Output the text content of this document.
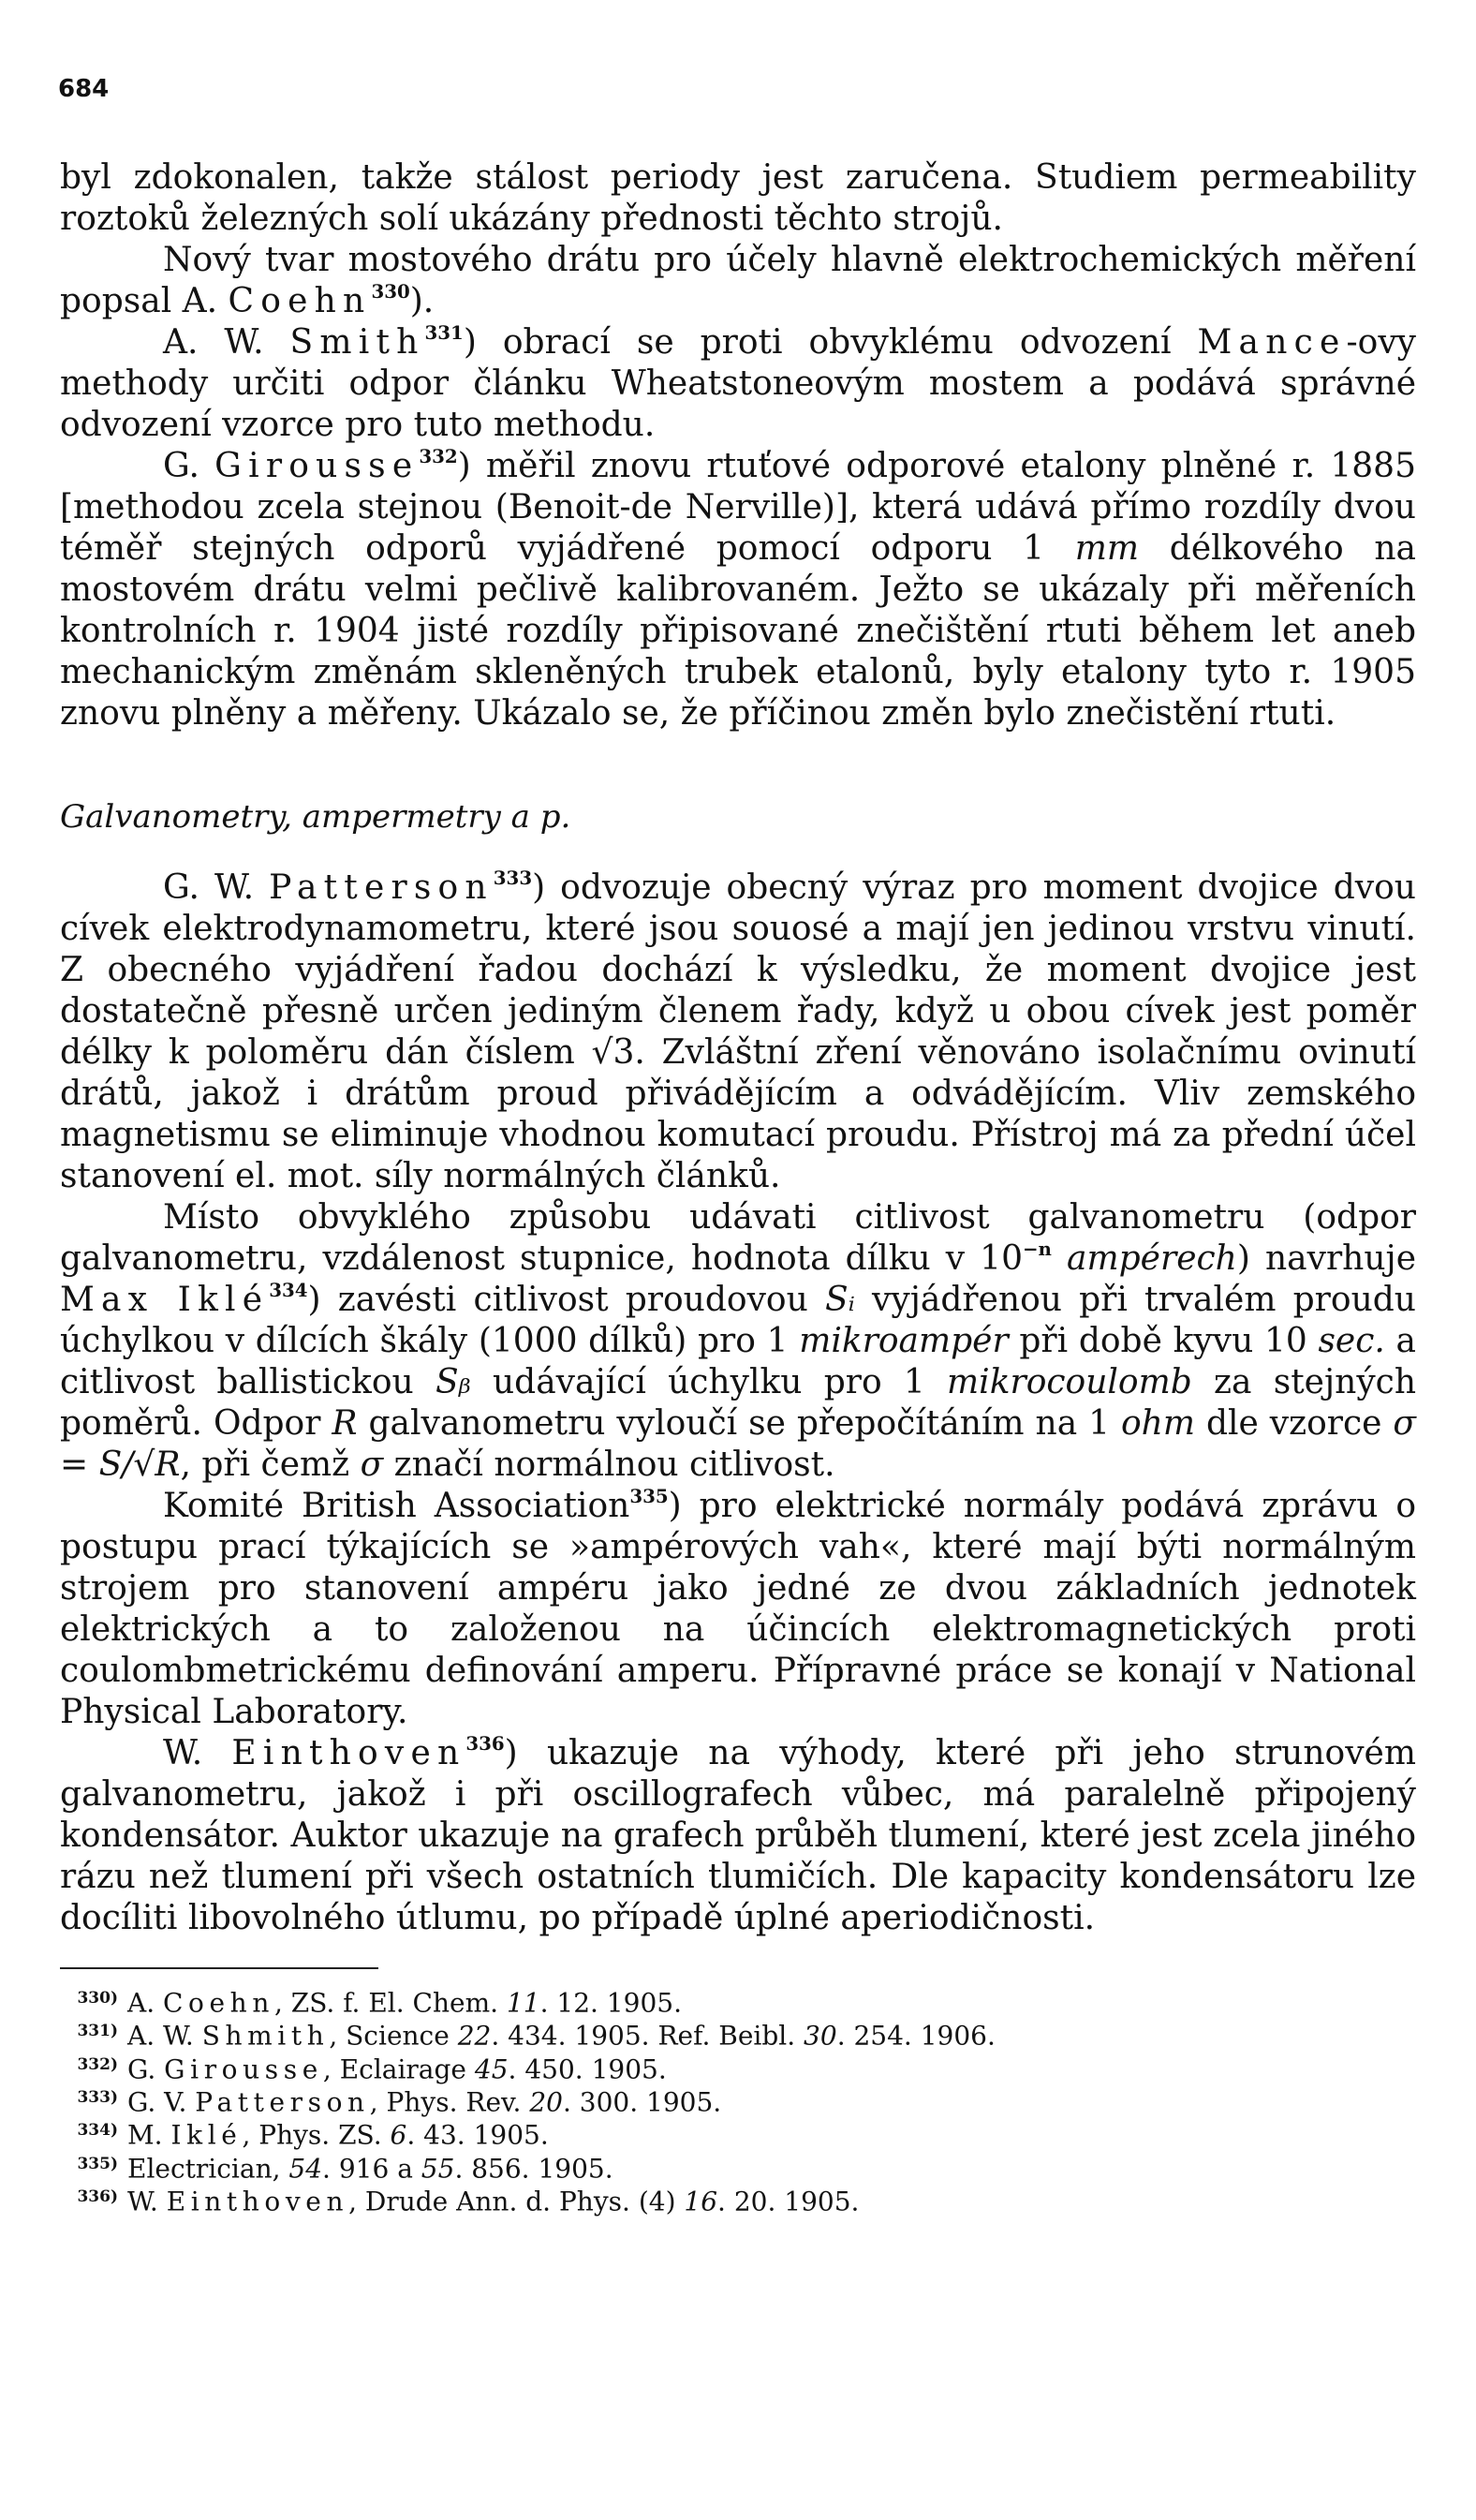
684

byl zdokonalen, takže stálost periody jest zaručena. Studiem permeability roztoků železných solí ukázány přednosti těchto strojů.

Nový tvar mostového drátu pro účely hlavně elektrochemických měření popsal A. Coehn$^{330}$).

A. W. Smith$^{331}$) obrací se proti obvyklému odvození Mance-ovy methody určiti odpor článku Wheatstoneovým mostem a podává správné odvození vzorce pro tuto methodu.

G. Girousse$^{332}$) měřil znovu rtuťové odporové etalony plněné r. 1885 [methodou zcela stejnou (Benoit-de Nerville)], která udává přímo rozdíly dvou téměř stejných odporů vyjádřené pomocí odporu 1 mm délkového na mostovém drátu velmi pečlivě kalibrovaném. Ježto se ukázaly při měřeních kontrolních r. 1904 jisté rozdíly připisované znečištění rtuti během let aneb mechanickým změnám skleněných trubek etalonů, byly etalony tyto r. 1905 znovu plněny a měřeny. Ukázalo se, že příčinou změn bylo znečistění rtuti.

Galvanometry, ampermetry a p.

G. W. Patterson$^{333}$) odvozuje obecný výraz pro moment dvojice dvou cívek elektrodynamometru, které jsou souosé a mají jen jedinou vrstvu vinutí. Z obecného vyjádření řadou dochází k výsledku, že moment dvojice jest dostatečně přesně určen jediným členem řady, když u obou cívek jest poměr délky k poloměru dán číslem √3. Zvláštní zření věnováno isolačnímu ovinutí drátů, jakož i drátům proud přivádějícím a odvádějícím. Vliv zemského magnetismu se eliminuje vhodnou komutací proudu. Přístroj má za přední účel stanovení el. mot. síly normálných článků.

Místo obvyklého způsobu udávati citlivost galvanometru (odpor galvanometru, vzdálenost stupnice, hodnota dílku v $10^{-n}$ ampérech) navrhuje Max Iklé$^{334}$) zavésti citlivost proudovou Sᵢ vyjádřenou při trvalém proudu úchylkou v dílcích škály (1000 dílků) pro 1 mikroampér při době kyvu 10 sec. a citlivost ballistickou Sᵦ udávající úchylku pro 1 mikrocoulomb za stejných poměrů. Odpor R galvanometru vyloučí se přepočítáním na 1 ohm dle vzorce σ = S/√R, při čemž σ značí normálnou citlivost.

Komité British Association$^{335}$) pro elektrické normály podává zprávu o postupu prací týkajících se »ampérových vah«, které mají býti normálným strojem pro stanovení ampéru jako jedné ze dvou základních jednotek elektrických a to založenou na účincích elektromagnetických proti coulombmetrickému definování amperu. Přípravné práce se konají v National Physical Laboratory.

W. Einthoven$^{336}$) ukazuje na výhody, které při jeho strunovém galvanometru, jakož i při oscillografech vůbec, má paralelně připojený kondensátor. Auktor ukazuje na grafech průběh tlumení, které jest zcela jiného rázu než tlumení při všech ostatních tlumičích. Dle kapacity kondensátoru lze docíliti libovolného útlumu, po případě úplné aperiodičnosti.

330) A. Coehn, ZS. f. El. Chem. 11. 12. 1905.

331) A. W. Shmith, Science 22. 434. 1905. Ref. Beibl. 30. 254. 1906.

332) G. Girousse, Eclairage 45. 450. 1905.

333) G. V. Patterson, Phys. Rev. 20. 300. 1905.

334) M. Iklé, Phys. ZS. 6. 43. 1905.

335) Electrician, 54. 916 a 55. 856. 1905.

336) W. Einthoven, Drude Ann. d. Phys. (4) 16. 20. 1905.
